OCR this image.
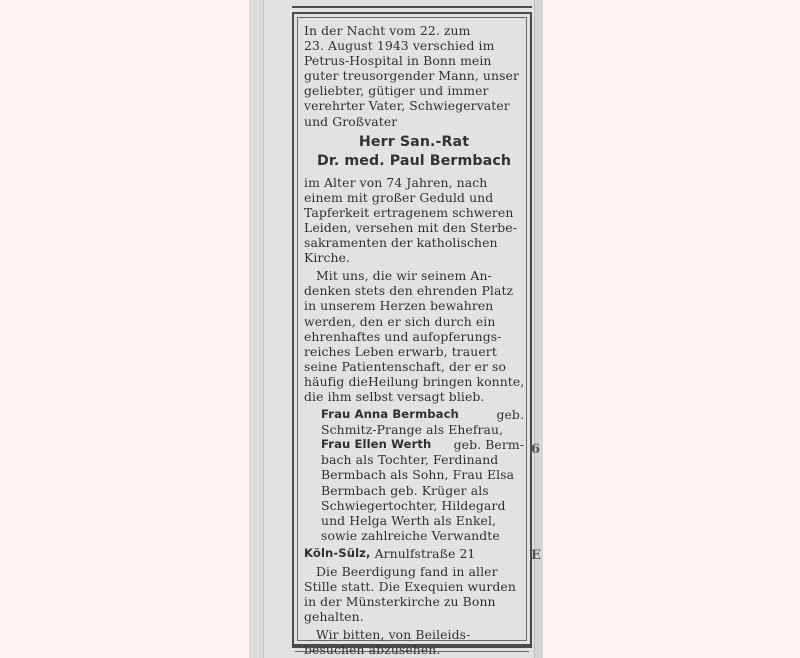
6
E
In der Nacht vom 22. zum
23. August 1943 verschied im
Petrus-Hospital in Bonn mein
guter treusorgender Mann, unser
geliebter, gütiger und immer
verehrter Vater, Schwiegervater
und Großvater
Herr San.-Rat
Dr. med. Paul Bermbach
im Alter von 74 Jahren, nach
einem mit großer Geduld und
Tapferkeit ertragenem schweren
Leiden, versehen mit den Sterbe-
sakramenten der katholischen
Kirche.
Mit uns, die wir seinem An-
denken stets den ehrenden Platz
in unserem Herzen bewahren
werden, den er sich durch ein
ehrenhaftes und aufopferungs-
reiches Leben erwarb, trauert
seine Patientenschaft, der er so
häufig dieHeilung bringen konnte,
die ihm selbst versagt blieb.
Frau Anna Bermbach	geb.
Schmitz-Prange als Ehefrau,
Frau Ellen Werth geb. Berm-
bach als Tochter, Ferdinand
Bermbach als Sohn, Frau Elsa
Bermbach geb. Krüger als
Schwiegertochter, Hildegard
und Helga Werth als Enkel,
sowie zahlreiche Verwandte
Köln-Sülz,
Arnulfstraße 21
Die Beerdigung fand in aller
Stille statt. Die Exequien wurden
in der Münsterkirche zu Bonn
gehalten.
Wir bitten, von Beileids-
besuchen abzusehen.
